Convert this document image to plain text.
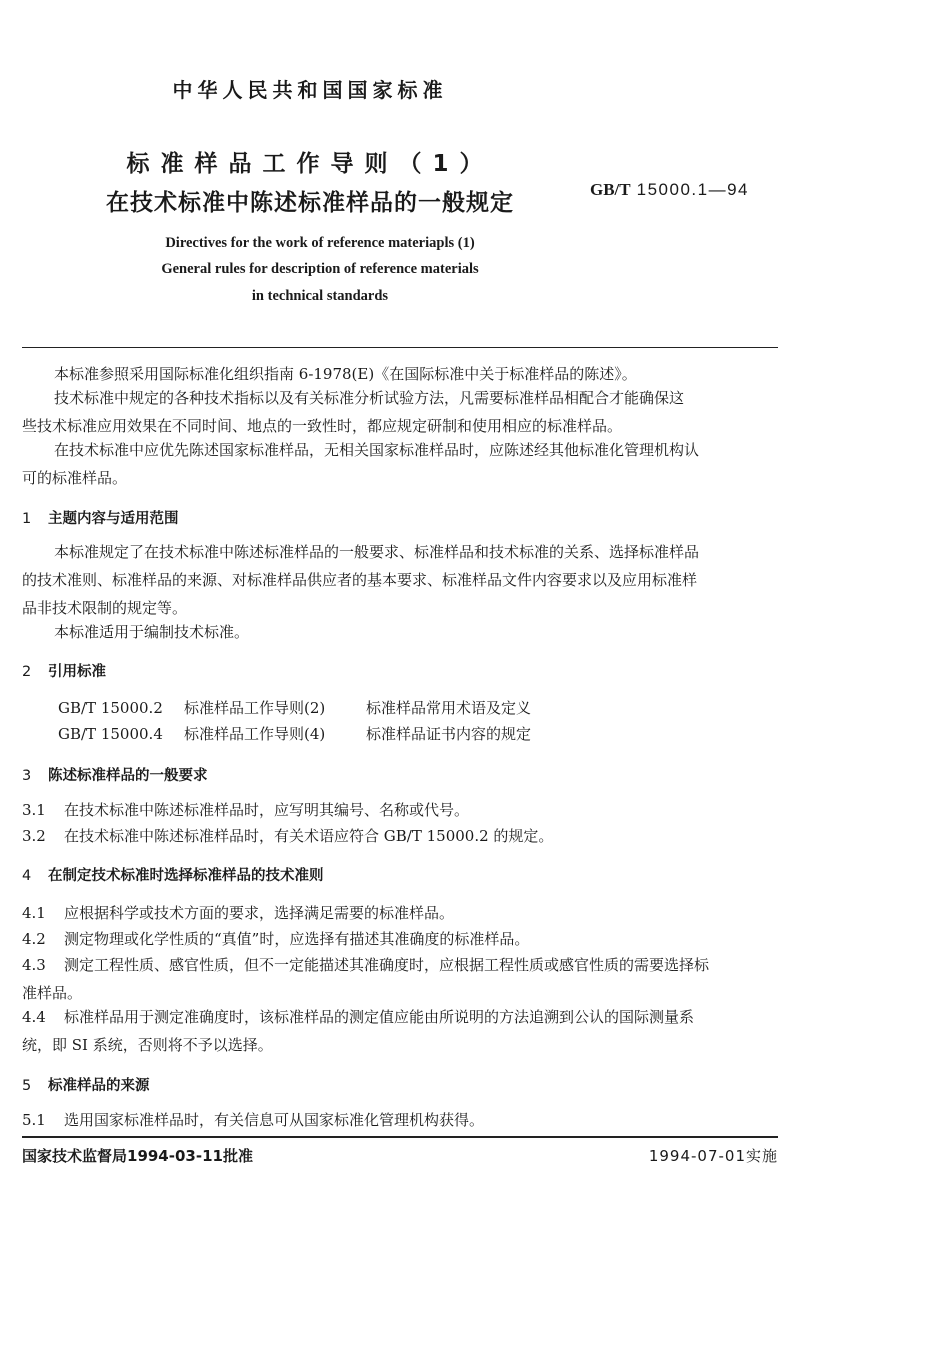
中华人民共和国国家标准
标准样品工作导则（1）
在技术标准中陈述标准样品的一般规定
GB/T 15000.1—94
Directives for the work of reference materiapls (1)
General rules for description of reference materials
in technical standards
本标准参照采用国际标准化组织指南 6-1978(E)《在国际标准中关于标准样品的陈述》。
技术标准中规定的各种技术指标以及有关标准分析试验方法，凡需要标准样品相配合才能确保这
些技术标准应用效果在不同时间、地点的一致性时，都应规定研制和使用相应的标准样品。
在技术标准中应优先陈述国家标准样品，无相关国家标准样品时，应陈述经其他标准化管理机构认
可的标准样品。
1 主题内容与适用范围
本标准规定了在技术标准中陈述标准样品的一般要求、标准样品和技术标准的关系、选择标准样品
的技术准则、标准样品的来源、对标准样品供应者的基本要求、标准样品文件内容要求以及应用标准样
品非技术限制的规定等。
本标准适用于编制技术标准。
2 引用标准
GB/T 15000.2 标准样品工作导则(2)	标准样品常用术语及定义
GB/T 15000.4 标准样品工作导则(4)	标准样品证书内容的规定
3 陈述标准样品的一般要求
3.1 在技术标准中陈述标准样品时，应写明其编号、名称或代号。
3.2 在技术标准中陈述标准样品时，有关术语应符合 GB/T 15000.2 的规定。
4 在制定技术标准时选择标准样品的技术准则
4.1 应根据科学或技术方面的要求，选择满足需要的标准样品。
4.2 测定物理或化学性质的“真值”时，应选择有描述其准确度的标准样品。
4.3 测定工程性质、感官性质，但不一定能描述其准确度时，应根据工程性质或感官性质的需要选择标
准样品。
4.4 标准样品用于测定准确度时，该标准样品的测定值应能由所说明的方法追溯到公认的国际测量系
统，即 SI 系统，否则将不予以选择。
5 标准样品的来源
5.1 选用国家标准样品时，有关信息可从国家标准化管理机构获得。
国家技术监督局1994-03-11批准	1994-07-01实施
